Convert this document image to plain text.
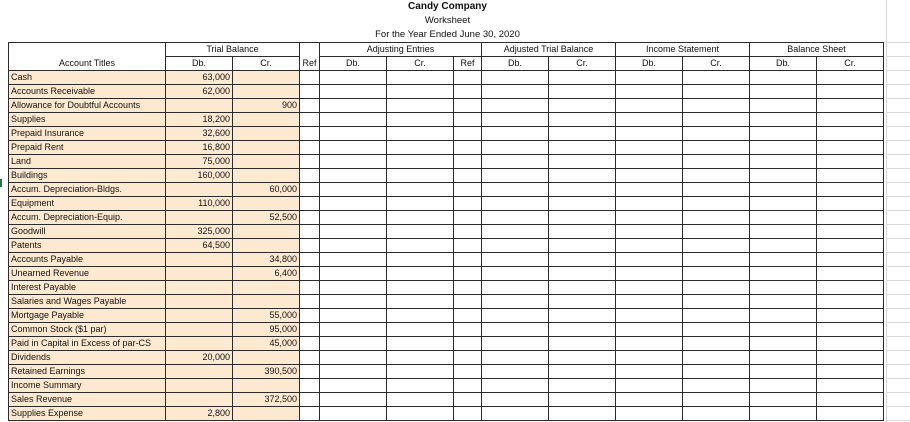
Candy Company
Worksheet
For the Year Ended June 30, 2020
	Trial Balance			Adjusting Entries			Adjusted Trial Balance		Income Statement		Balance Sheet	
Account Titles	Db.	Cr.	Ref	Db.	Cr.	Ref	Db.	Cr.	Db.	Cr.	Db.	Cr.
Cash	63,000											
Accounts Receivable	62,000											
Allowance for Doubtful Accounts		900										
Supplies	18,200											
Prepaid Insurance	32,600											
Prepaid Rent	16,800											
Land	75,000											
Buildings	160,000											
Accum. Depreciation-Bldgs.		60,000										
Equipment	110,000											
Accum. Depreciation-Equip.		52,500										
Goodwill	325,000											
Patents	64,500											
Accounts Payable		34,800										
Unearned Revenue		6,400										
Interest Payable												
Salaries and Wages Payable												
Mortgage Payable		55,000										
Common Stock ($1 par)		95,000										
Paid in Capital in Excess of par-CS		45,000										
Dividends	20,000											
Retained Earnings		390,500										
Income Summary												
Sales Revenue		372,500										
Supplies Expense	2,800											
